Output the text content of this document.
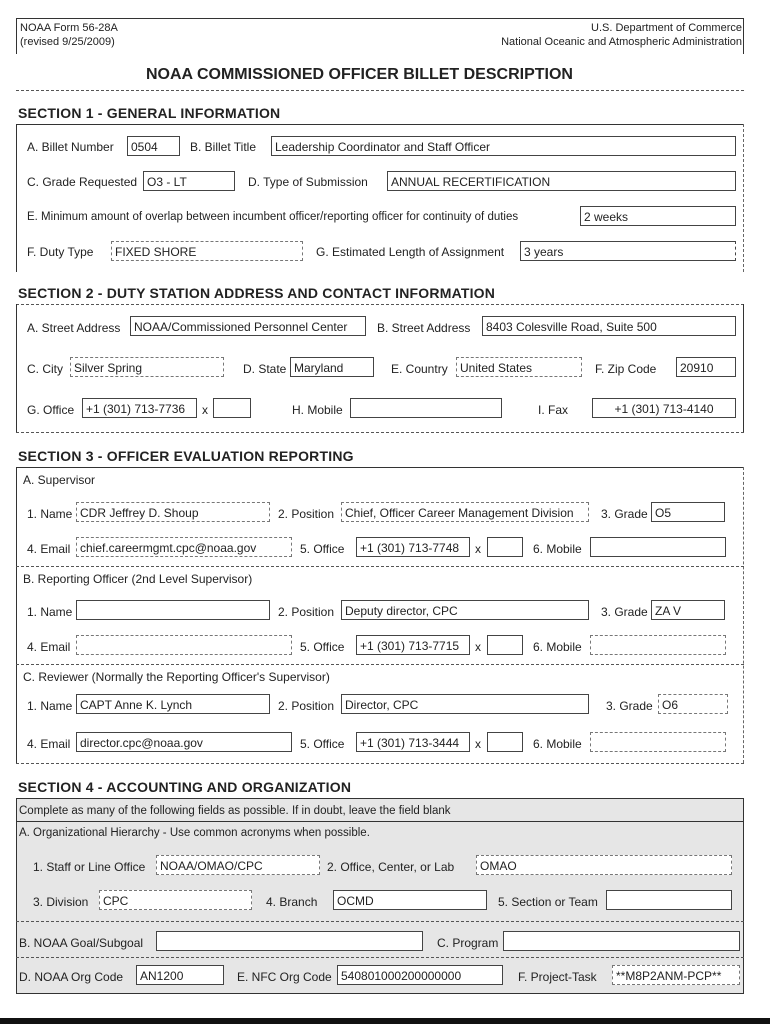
NOAA Form 56-28A
(revised 9/25/2009)
U.S. Department of Commerce
National Oceanic and Atmospheric Administration
NOAA COMMISSIONED OFFICER BILLET DESCRIPTION
SECTION 1 - GENERAL INFORMATION
A. Billet Number	0504	B. Billet Title	Leadership Coordinator and Staff Officer
C. Grade Requested O3 - LT	D. Type of Submission	ANNUAL RECERTIFICATION
E. Minimum amount of overlap between incumbent officer/reporting officer for continuity of duties	2 weeks
F. Duty Type	FIXED SHORE	G. Estimated Length of Assignment	3 years
SECTION 2 - DUTY STATION ADDRESS AND CONTACT INFORMATION
A. Street Address	NOAA/Commissioned Personnel Center	B. Street Address	8403 Colesville Road, Suite 500
C. City Silver Spring	D. State Maryland	E. Country	United States	F. Zip Code	20910
G. Office +1 (301) 713-7736	x	H. Mobile	I. Fax	+1 (301) 713-4140
SECTION 3 - OFFICER EVALUATION REPORTING
A. Supervisor
1. Name CDR Jeffrey D. Shoup	2. Position Chief, Officer Career Management Division	3. Grade O5
4. Email chief.careermgmt.cpc@noaa.gov	5. Office	+1 (301) 713-7748	x	6. Mobile
B. Reporting Officer (2nd Level Supervisor)
1. Name	2. Position Deputy director, CPC	3. Grade ZA V
4. Email	5. Office	+1 (301) 713-7715	x	6. Mobile
C. Reviewer (Normally the Reporting Officer's Supervisor)
1. Name CAPT Anne K. Lynch	2. Position Director, CPC	3. Grade O6
4. Email director.cpc@noaa.gov	5. Office	+1 (301) 713-3444	x	6. Mobile
SECTION 4 - ACCOUNTING AND ORGANIZATION
Complete as many of the following fields as possible. If in doubt, leave the field blank
A. Organizational Hierarchy - Use common acronyms when possible.
1. Staff or Line Office	NOAA/OMAO/CPC	2. Office, Center, or Lab	OMAO
3. Division	CPC	4. Branch	OCMD	5. Section or Team
B. NOAA Goal/Subgoal	C. Program
D. NOAA Org Code	AN1200	E. NFC Org Code 540801000200000000	F. Project-Task	**M8P2ANM-PCP**
